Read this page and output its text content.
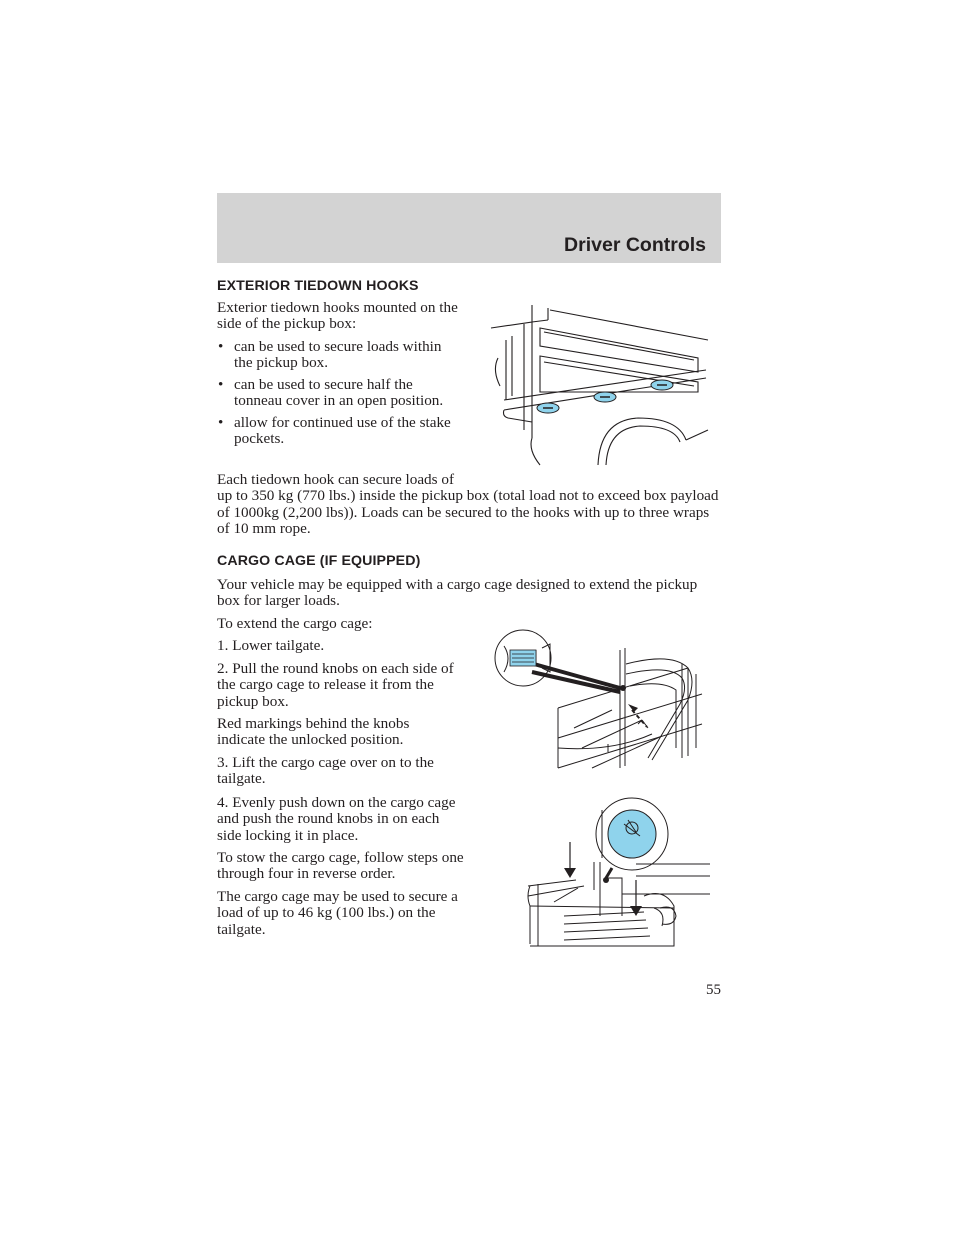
Driver Controls
EXTERIOR TIEDOWN HOOKS

Exterior tiedown hooks mounted on the side of the pickup box:

• can be used to secure loads within the pickup box.
• can be used to secure half the tonneau cover in an open position.
• allow for continued use of the stake pockets.

Each tiedown hook can secure loads of up to 350 kg (770 lbs.) inside the pickup box (total load not to exceed box payload of 1000kg (2,200 lbs)). Loads can be secured to the hooks with up to three wraps of 10 mm rope.

CARGO CAGE (IF EQUIPPED)

Your vehicle may be equipped with a cargo cage designed to extend the pickup box for larger loads.

To extend the cargo cage:

1. Lower tailgate.

2. Pull the round knobs on each side of the cargo cage to release it from the pickup box.

Red markings behind the knobs indicate the unlocked position.

3. Lift the cargo cage over on to the tailgate.

4. Evenly push down on the cargo cage and push the round knobs in on each side locking it in place.

To stow the cargo cage, follow steps one through four in reverse order.

The cargo cage may be used to secure a load of up to 46 kg (100 lbs.) on the tailgate.

55
